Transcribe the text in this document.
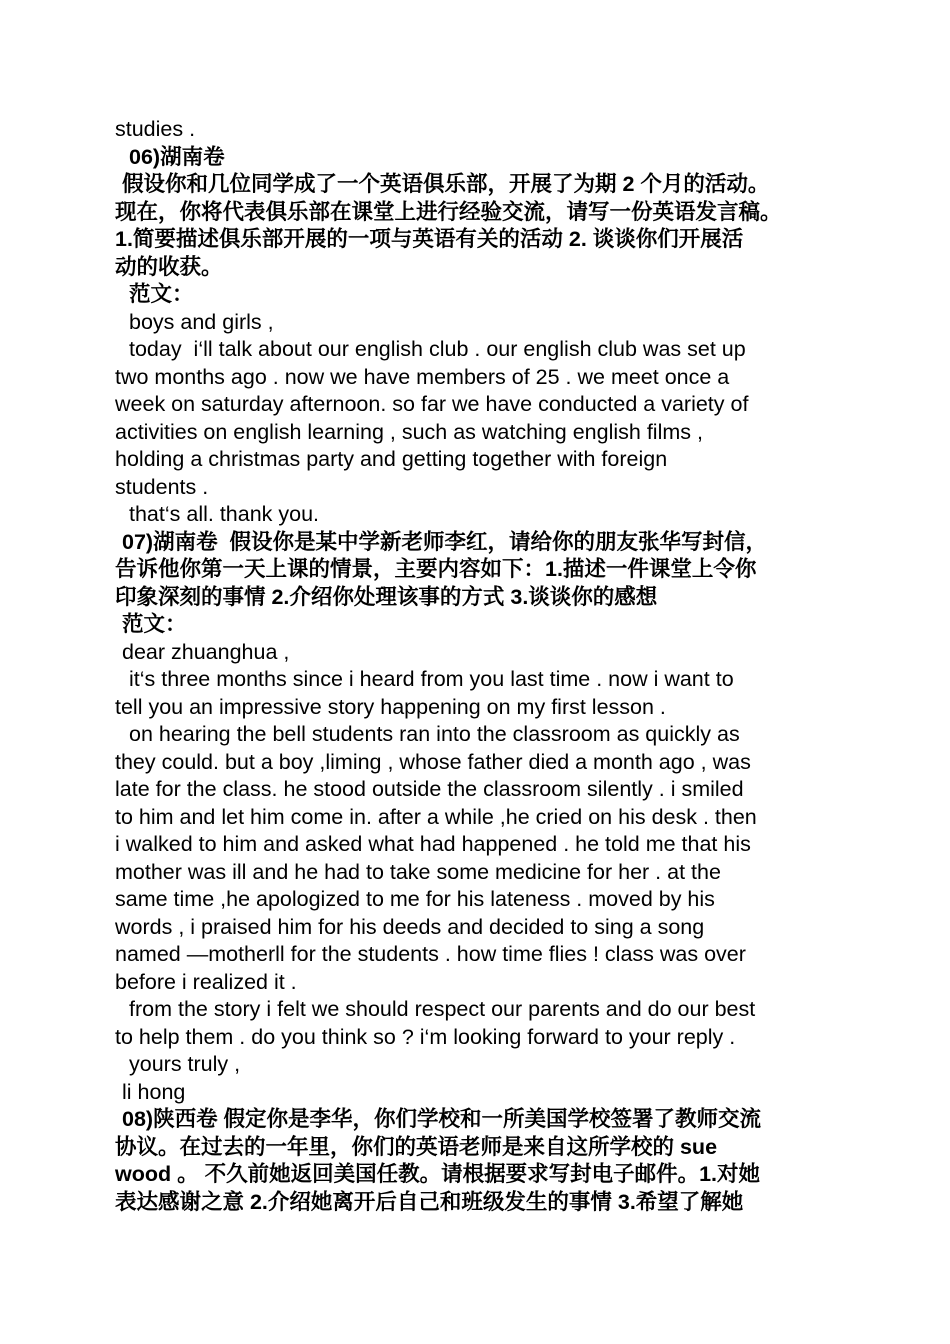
studies .
06)湖南卷
假设你和几位同学成了一个英语俱乐部，开展了为期 2 个月的活动。
现在，你将代表俱乐部在课堂上进行经验交流，请写一份英语发言稿。
1.简要描述俱乐部开展的一项与英语有关的活动 2. 谈谈你们开展活
动的收获。
范文：
boys and girls ,
today  i‘ll talk about our english club . our english club was set up
two months ago . now we have members of 25 . we meet once a
week on saturday afternoon. so far we have conducted a variety of
activities on english learning , such as watching english films ,
holding a christmas party and getting together with foreign
students .
that‘s all. thank you.
07)湖南卷  假设你是某中学新老师李红，请给你的朋友张华写封信，
告诉他你第一天上课的情景，主要内容如下：1.描述一件课堂上令你
印象深刻的事情 2.介绍你处理该事的方式 3.谈谈你的感想
范文：
dear zhuanghua ,
it‘s three months since i heard from you last time . now i want to
tell you an impressive story happening on my first lesson .
on hearing the bell students ran into the classroom as quickly as
they could. but a boy ,liming , whose father died a month ago , was
late for the class. he stood outside the classroom silently . i smiled
to him and let him come in. after a while ,he cried on his desk . then
i walked to him and asked what had happened . he told me that his
mother was ill and he had to take some medicine for her . at the
same time ,he apologized to me for his lateness . moved by his
words , i praised him for his deeds and decided to sing a song
named —motherll for the students . how time flies ! class was over
before i realized it .
from the story i felt we should respect our parents and do our best
to help them . do you think so ? i‘m looking forward to your reply .
yours truly ,
li hong
08)陕西卷 假定你是李华，你们学校和一所美国学校签署了教师交流
协议。在过去的一年里，你们的英语老师是来自这所学校的 sue
wood 。 不久前她返回美国任教。请根据要求写封电子邮件。1.对她
表达感谢之意 2.介绍她离开后自己和班级发生的事情 3.希望了解她
